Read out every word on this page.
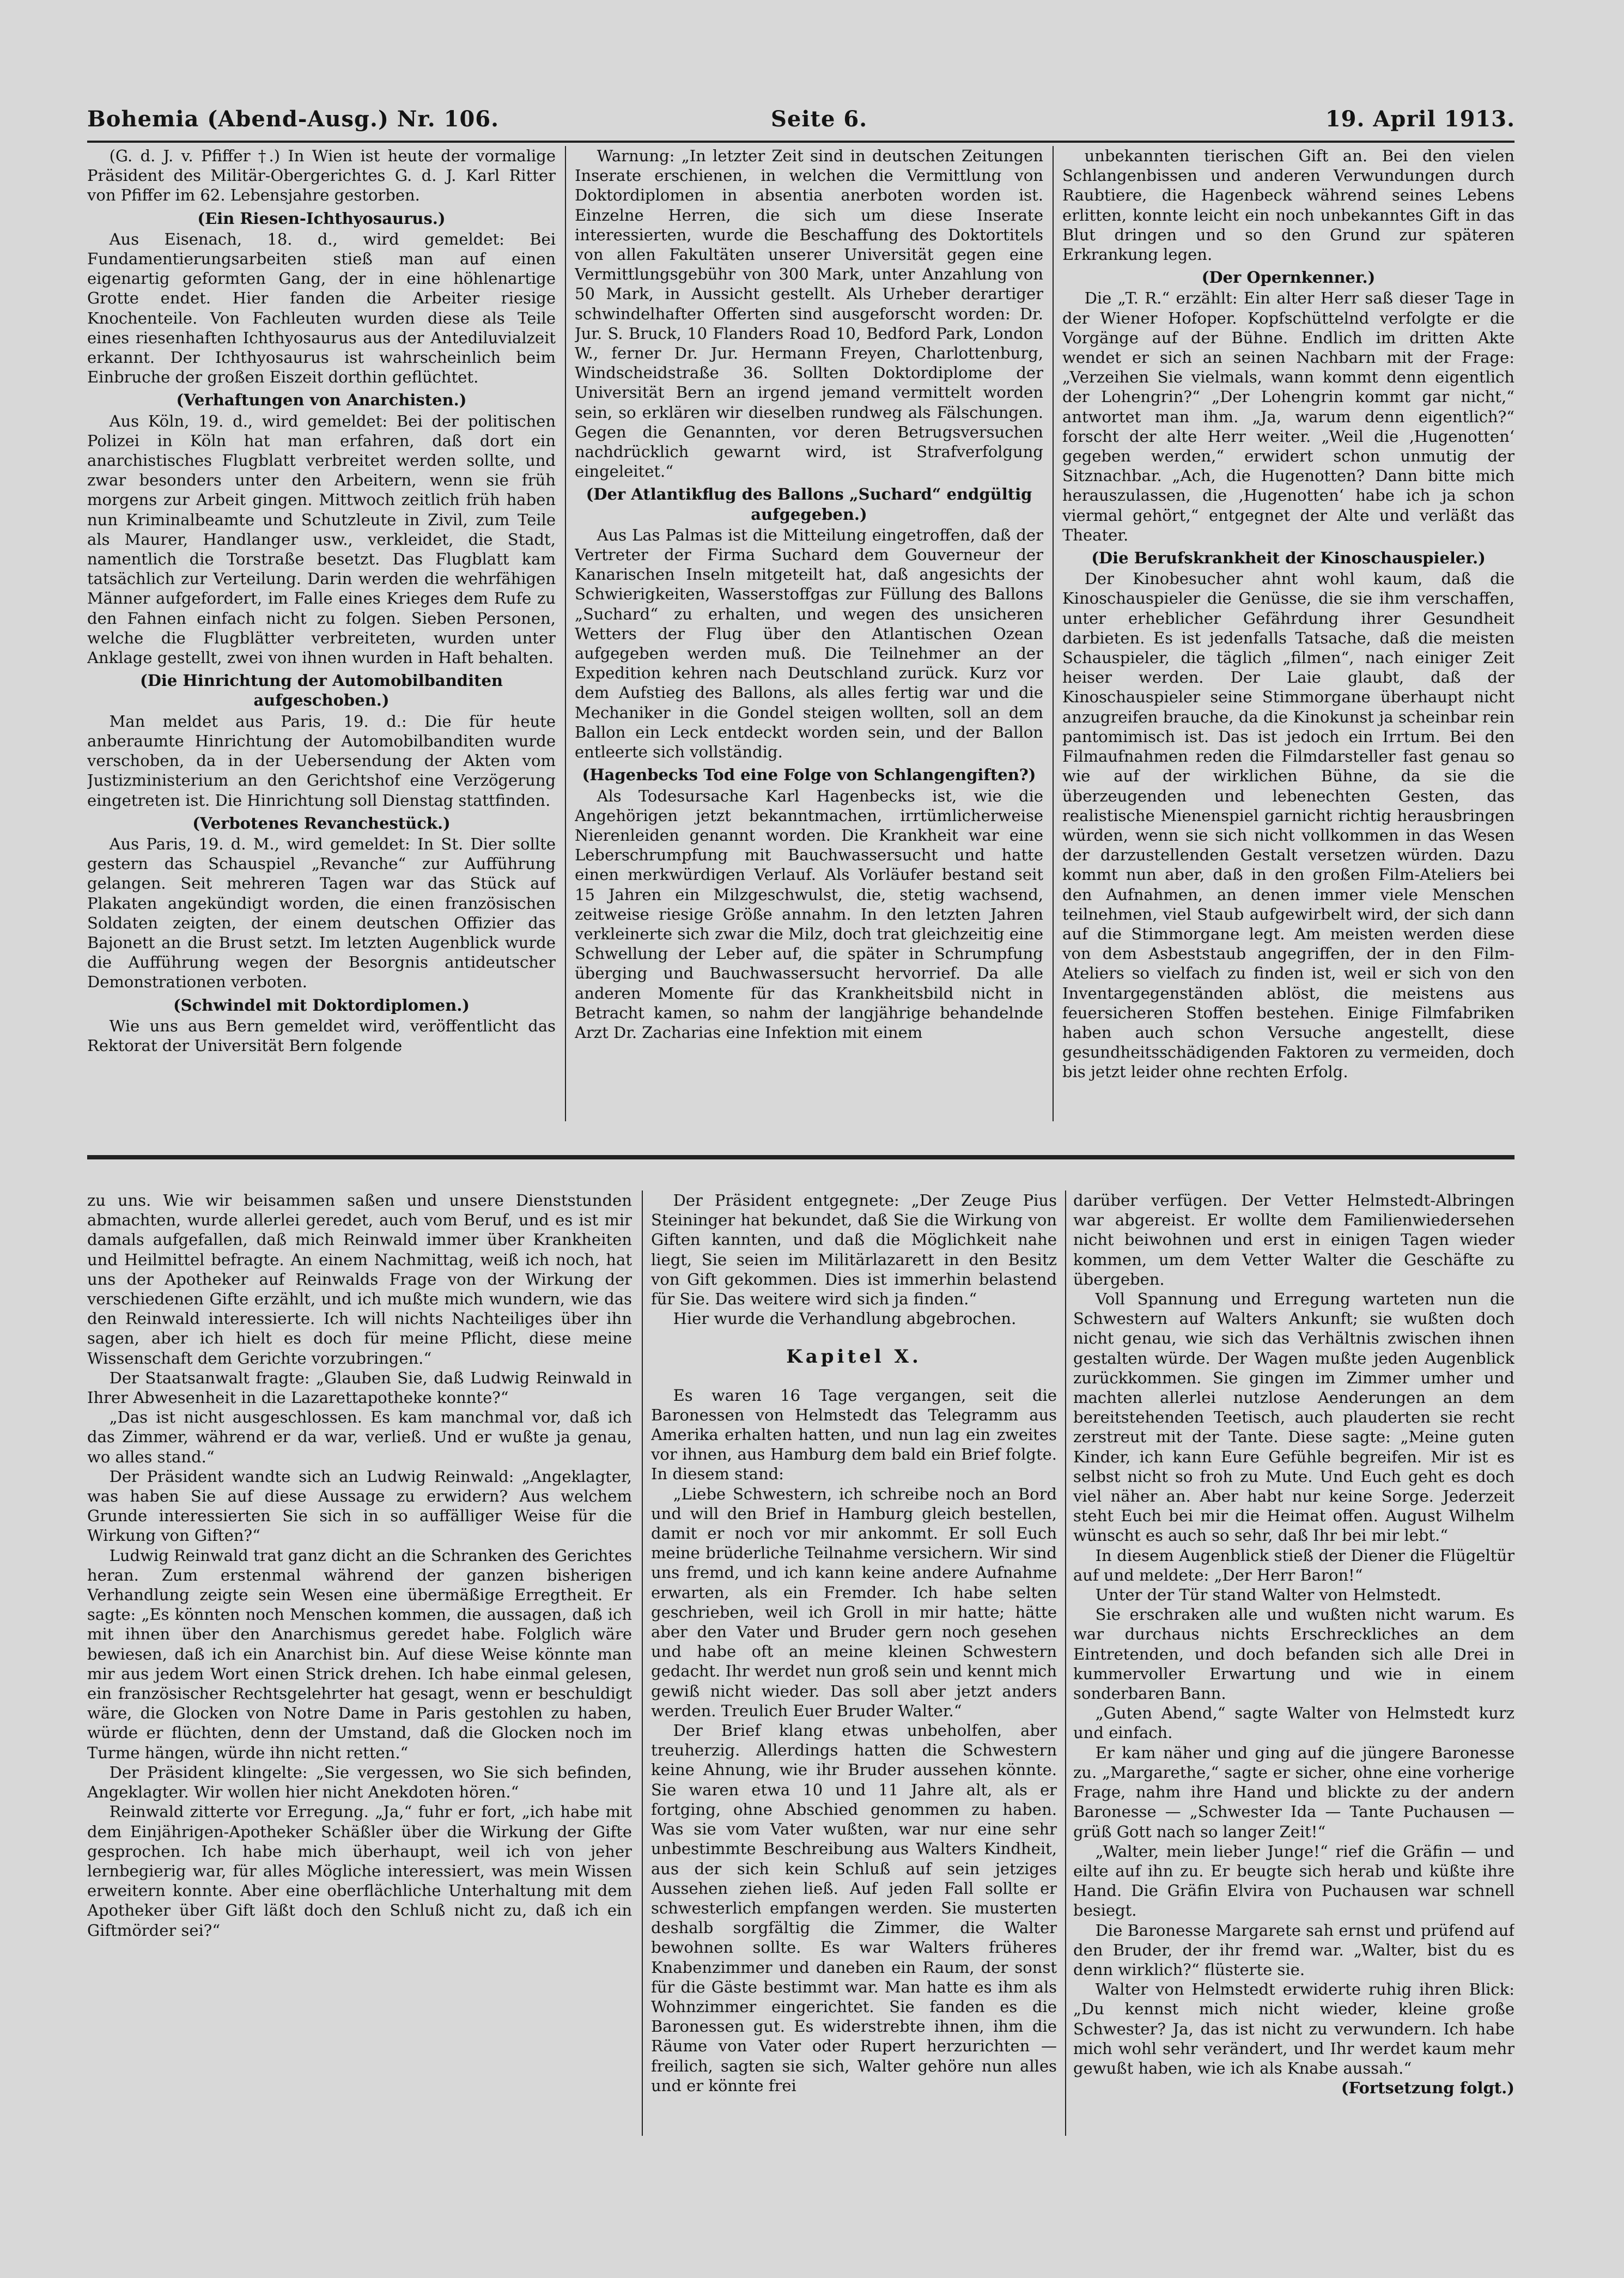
Bohemia (Abend-Ausg.) Nr. 106.	Seite 6.	19. April 1913.

(G. d. J. v. Pfiffer †.) In Wien ist heute der vormalige Präsident des Militär-Obergerichtes G. d. J. Karl Ritter von Pfiffer im 62. Lebensjahre gestorben.

(Ein Riesen-Ichthyosaurus.)

Aus Eisenach, 18. d., wird gemeldet: Bei Fundamentierungsarbeiten stieß man auf einen eigenartig geformten Gang, der in eine höhlenartige Grotte endet. Hier fanden die Arbeiter riesige Knochenteile. Von Fachleuten wurden diese als Teile eines riesenhaften Ichthyosaurus aus der Antediluvialzeit erkannt. Der Ichthyosaurus ist wahrscheinlich beim Einbruche der großen Eiszeit dorthin geflüchtet.

(Verhaftungen von Anarchisten.)

Aus Köln, 19. d., wird gemeldet: Bei der politischen Polizei in Köln hat man erfahren, daß dort ein anarchistisches Flugblatt verbreitet werden sollte, und zwar besonders unter den Arbeitern, wenn sie früh morgens zur Arbeit gingen. Mittwoch zeitlich früh haben nun Kriminalbeamte und Schutzleute in Zivil, zum Teile als Maurer, Handlanger usw., verkleidet, die Stadt, namentlich die Torstraße besetzt. Das Flugblatt kam tatsächlich zur Verteilung. Darin werden die wehrfähigen Männer aufgefordert, im Falle eines Krieges dem Rufe zu den Fahnen einfach nicht zu folgen. Sieben Personen, welche die Flugblätter verbreiteten, wurden unter Anklage gestellt, zwei von ihnen wurden in Haft behalten.

(Die Hinrichtung der Automobilbanditen aufgeschoben.)

Man meldet aus Paris, 19. d.: Die für heute anberaumte Hinrichtung der Automobilbanditen wurde verschoben, da in der Uebersendung der Akten vom Justizministerium an den Gerichtshof eine Verzögerung eingetreten ist. Die Hinrichtung soll Dienstag stattfinden.

(Verbotenes Revanchestück.)

Aus Paris, 19. d. M., wird gemeldet: In St. Dier sollte gestern das Schauspiel „Revanche“ zur Aufführung gelangen. Seit mehreren Tagen war das Stück auf Plakaten angekündigt worden, die einen französischen Soldaten zeigten, der einem deutschen Offizier das Bajonett an die Brust setzt. Im letzten Augenblick wurde die Aufführung wegen der Besorgnis antideutscher Demonstrationen verboten.

(Schwindel mit Doktordiplomen.)

Wie uns aus Bern gemeldet wird, veröffentlicht das Rektorat der Universität Bern folgende

Warnung: „In letzter Zeit sind in deutschen Zeitungen Inserate erschienen, in welchen die Vermittlung von Doktordiplomen in absentia anerboten worden ist. Einzelne Herren, die sich um diese Inserate interessierten, wurde die Beschaffung des Doktortitels von allen Fakultäten unserer Universität gegen eine Vermittlungsgebühr von 300 Mark, unter Anzahlung von 50 Mark, in Aussicht gestellt. Als Urheber derartiger schwindelhafter Offerten sind ausgeforscht worden: Dr. Jur. S. Bruck, 10 Flanders Road 10, Bedford Park, London W., ferner Dr. Jur. Hermann Freyen, Charlottenburg, Windscheidstraße 36. Sollten Doktordiplome der Universität Bern an irgend jemand vermittelt worden sein, so erklären wir dieselben rundweg als Fälschungen. Gegen die Genannten, vor deren Betrugsversuchen nachdrücklich gewarnt wird, ist Strafverfolgung eingeleitet.“

(Der Atlantikflug des Ballons „Suchard“ endgültig aufgegeben.)

Aus Las Palmas ist die Mitteilung eingetroffen, daß der Vertreter der Firma Suchard dem Gouverneur der Kanarischen Inseln mitgeteilt hat, daß angesichts der Schwierigkeiten, Wasserstoffgas zur Füllung des Ballons „Suchard“ zu erhalten, und wegen des unsicheren Wetters der Flug über den Atlantischen Ozean aufgegeben werden muß. Die Teilnehmer an der Expedition kehren nach Deutschland zurück. Kurz vor dem Aufstieg des Ballons, als alles fertig war und die Mechaniker in die Gondel steigen wollten, soll an dem Ballon ein Leck entdeckt worden sein, und der Ballon entleerte sich vollständig.

(Hagenbecks Tod eine Folge von Schlangengiften?)

Als Todesursache Karl Hagenbecks ist, wie die Angehörigen jetzt bekanntmachen, irrtümlicherweise Nierenleiden genannt worden. Die Krankheit war eine Leberschrumpfung mit Bauchwassersucht und hatte einen merkwürdigen Verlauf. Als Vorläufer bestand seit 15 Jahren ein Milzgeschwulst, die, stetig wachsend, zeitweise riesige Größe annahm. In den letzten Jahren verkleinerte sich zwar die Milz, doch trat gleichzeitig eine Schwellung der Leber auf, die später in Schrumpfung überging und Bauchwassersucht hervorrief. Da alle anderen Momente für das Krankheitsbild nicht in Betracht kamen, so nahm der langjährige behandelnde Arzt Dr. Zacharias eine Infektion mit einem

unbekannten tierischen Gift an. Bei den vielen Schlangenbissen und anderen Verwundungen durch Raubtiere, die Hagenbeck während seines Lebens erlitten, konnte leicht ein noch unbekanntes Gift in das Blut dringen und so den Grund zur späteren Erkrankung legen.

(Der Opernkenner.)

Die „T. R.“ erzählt: Ein alter Herr saß dieser Tage in der Wiener Hofoper. Kopfschüttelnd verfolgte er die Vorgänge auf der Bühne. Endlich im dritten Akte wendet er sich an seinen Nachbarn mit der Frage: „Verzeihen Sie vielmals, wann kommt denn eigentlich der Lohengrin?“ „Der Lohengrin kommt gar nicht,“ antwortet man ihm. „Ja, warum denn eigentlich?“ forscht der alte Herr weiter. „Weil die ‚Hugenotten‘ gegeben werden,“ erwidert schon unmutig der Sitznachbar. „Ach, die Hugenotten? Dann bitte mich herauszulassen, die ‚Hugenotten‘ habe ich ja schon viermal gehört,“ entgegnet der Alte und verläßt das Theater.

(Die Berufskrankheit der Kinoschauspieler.)

Der Kinobesucher ahnt wohl kaum, daß die Kinoschauspieler die Genüsse, die sie ihm verschaffen, unter erheblicher Gefährdung ihrer Gesundheit darbieten. Es ist jedenfalls Tatsache, daß die meisten Schauspieler, die täglich „filmen“, nach einiger Zeit heiser werden. Der Laie glaubt, daß der Kinoschauspieler seine Stimmorgane überhaupt nicht anzugreifen brauche, da die Kinokunst ja scheinbar rein pantomimisch ist. Das ist jedoch ein Irrtum. Bei den Filmaufnahmen reden die Filmdarsteller fast genau so wie auf der wirklichen Bühne, da sie die überzeugenden und lebenechten Gesten, das realistische Mienenspiel garnicht richtig herausbringen würden, wenn sie sich nicht vollkommen in das Wesen der darzustellenden Gestalt versetzen würden. Dazu kommt nun aber, daß in den großen Film-Ateliers bei den Aufnahmen, an denen immer viele Menschen teilnehmen, viel Staub aufgewirbelt wird, der sich dann auf die Stimmorgane legt. Am meisten werden diese von dem Asbeststaub angegriffen, der in den Film-Ateliers so vielfach zu finden ist, weil er sich von den Inventargegenständen ablöst, die meistens aus feuersicheren Stoffen bestehen. Einige Filmfabriken haben auch schon Versuche angestellt, diese gesundheitsschädigenden Faktoren zu vermeiden, doch bis jetzt leider ohne rechten Erfolg.

zu uns. Wie wir beisammen saßen und unsere Dienststunden abmachten, wurde allerlei geredet, auch vom Beruf, und es ist mir damals aufgefallen, daß mich Reinwald immer über Krankheiten und Heilmittel befragte. An einem Nachmittag, weiß ich noch, hat uns der Apotheker auf Reinwalds Frage von der Wirkung der verschiedenen Gifte erzählt, und ich mußte mich wundern, wie das den Reinwald interessierte. Ich will nichts Nachteiliges über ihn sagen, aber ich hielt es doch für meine Pflicht, diese meine Wissenschaft dem Gerichte vorzubringen.“

Der Staatsanwalt fragte: „Glauben Sie, daß Ludwig Reinwald in Ihrer Abwesenheit in die Lazarettapotheke konnte?“

„Das ist nicht ausgeschlossen. Es kam manchmal vor, daß ich das Zimmer, während er da war, verließ. Und er wußte ja genau, wo alles stand.“

Der Präsident wandte sich an Ludwig Reinwald: „Angeklagter, was haben Sie auf diese Aussage zu erwidern? Aus welchem Grunde interessierten Sie sich in so auffälliger Weise für die Wirkung von Giften?“

Ludwig Reinwald trat ganz dicht an die Schranken des Gerichtes heran. Zum erstenmal während der ganzen bisherigen Verhandlung zeigte sein Wesen eine übermäßige Erregtheit. Er sagte: „Es könnten noch Menschen kommen, die aussagen, daß ich mit ihnen über den Anarchismus geredet habe. Folglich wäre bewiesen, daß ich ein Anarchist bin. Auf diese Weise könnte man mir aus jedem Wort einen Strick drehen. Ich habe einmal gelesen, ein französischer Rechtsgelehrter hat gesagt, wenn er beschuldigt wäre, die Glocken von Notre Dame in Paris gestohlen zu haben, würde er flüchten, denn der Umstand, daß die Glocken noch im Turme hängen, würde ihn nicht retten.“

Der Präsident klingelte: „Sie vergessen, wo Sie sich befinden, Angeklagter. Wir wollen hier nicht Anekdoten hören.“

Reinwald zitterte vor Erregung. „Ja,“ fuhr er fort, „ich habe mit dem Einjährigen-Apotheker Schäßler über die Wirkung der Gifte gesprochen. Ich habe mich überhaupt, weil ich von jeher lernbegierig war, für alles Mögliche interessiert, was mein Wissen erweitern konnte. Aber eine oberflächliche Unterhaltung mit dem Apotheker über Gift läßt doch den Schluß nicht zu, daß ich ein Giftmörder sei?“

Der Präsident entgegnete: „Der Zeuge Pius Steininger hat bekundet, daß Sie die Wirkung von Giften kannten, und daß die Möglichkeit nahe liegt, Sie seien im Militärlazarett in den Besitz von Gift gekommen. Dies ist immerhin belastend für Sie. Das weitere wird sich ja finden.“

Hier wurde die Verhandlung abgebrochen.

Kapitel X.

Es waren 16 Tage vergangen, seit die Baronessen von Helmstedt das Telegramm aus Amerika erhalten hatten, und nun lag ein zweites vor ihnen, aus Hamburg dem bald ein Brief folgte. In diesem stand:

„Liebe Schwestern, ich schreibe noch an Bord und will den Brief in Hamburg gleich bestellen, damit er noch vor mir ankommt. Er soll Euch meine brüderliche Teilnahme versichern. Wir sind uns fremd, und ich kann keine andere Aufnahme erwarten, als ein Fremder. Ich habe selten geschrieben, weil ich Groll in mir hatte; hätte aber den Vater und Bruder gern noch gesehen und habe oft an meine kleinen Schwestern gedacht. Ihr werdet nun groß sein und kennt mich gewiß nicht wieder. Das soll aber jetzt anders werden. Treulich Euer Bruder Walter.“

Der Brief klang etwas unbeholfen, aber treuherzig. Allerdings hatten die Schwestern keine Ahnung, wie ihr Bruder aussehen könnte. Sie waren etwa 10 und 11 Jahre alt, als er fortging, ohne Abschied genommen zu haben. Was sie vom Vater wußten, war nur eine sehr unbestimmte Beschreibung aus Walters Kindheit, aus der sich kein Schluß auf sein jetziges Aussehen ziehen ließ. Auf jeden Fall sollte er schwesterlich empfangen werden. Sie musterten deshalb sorgfältig die Zimmer, die Walter bewohnen sollte. Es war Walters früheres Knabenzimmer und daneben ein Raum, der sonst für die Gäste bestimmt war. Man hatte es ihm als Wohnzimmer eingerichtet. Sie fanden es die Baronessen gut. Es widerstrebte ihnen, ihm die Räume von Vater oder Rupert herzurichten — freilich, sagten sie sich, Walter gehöre nun alles und er könnte frei

darüber verfügen. Der Vetter Helmstedt-Albringen war abgereist. Er wollte dem Familienwiedersehen nicht beiwohnen und erst in einigen Tagen wieder kommen, um dem Vetter Walter die Geschäfte zu übergeben.

Voll Spannung und Erregung warteten nun die Schwestern auf Walters Ankunft; sie wußten doch nicht genau, wie sich das Verhältnis zwischen ihnen gestalten würde. Der Wagen mußte jeden Augenblick zurückkommen. Sie gingen im Zimmer umher und machten allerlei nutzlose Aenderungen an dem bereitstehenden Teetisch, auch plauderten sie recht zerstreut mit der Tante. Diese sagte: „Meine guten Kinder, ich kann Eure Gefühle begreifen. Mir ist es selbst nicht so froh zu Mute. Und Euch geht es doch viel näher an. Aber habt nur keine Sorge. Jederzeit steht Euch bei mir die Heimat offen. August Wilhelm wünscht es auch so sehr, daß Ihr bei mir lebt.“

In diesem Augenblick stieß der Diener die Flügeltür auf und meldete: „Der Herr Baron!“

Unter der Tür stand Walter von Helmstedt.

Sie erschraken alle und wußten nicht warum. Es war durchaus nichts Erschreckliches an dem Eintretenden, und doch befanden sich alle Drei in kummervoller Erwartung und wie in einem sonderbaren Bann.

„Guten Abend,“ sagte Walter von Helmstedt kurz und einfach.

Er kam näher und ging auf die jüngere Baronesse zu. „Margarethe,“ sagte er sicher, ohne eine vorherige Frage, nahm ihre Hand und blickte zu der andern Baronesse — „Schwester Ida — Tante Puchausen — grüß Gott nach so langer Zeit!“

„Walter, mein lieber Junge!“ rief die Gräfin — und eilte auf ihn zu. Er beugte sich herab und küßte ihre Hand. Die Gräfin Elvira von Puchausen war schnell besiegt.

Die Baronesse Margarete sah ernst und prüfend auf den Bruder, der ihr fremd war. „Walter, bist du es denn wirklich?“ flüsterte sie.

Walter von Helmstedt erwiderte ruhig ihren Blick: „Du kennst mich nicht wieder, kleine große Schwester? Ja, das ist nicht zu verwundern. Ich habe mich wohl sehr verändert, und Ihr werdet kaum mehr gewußt haben, wie ich als Knabe aussah.“

(Fortsetzung folgt.)
